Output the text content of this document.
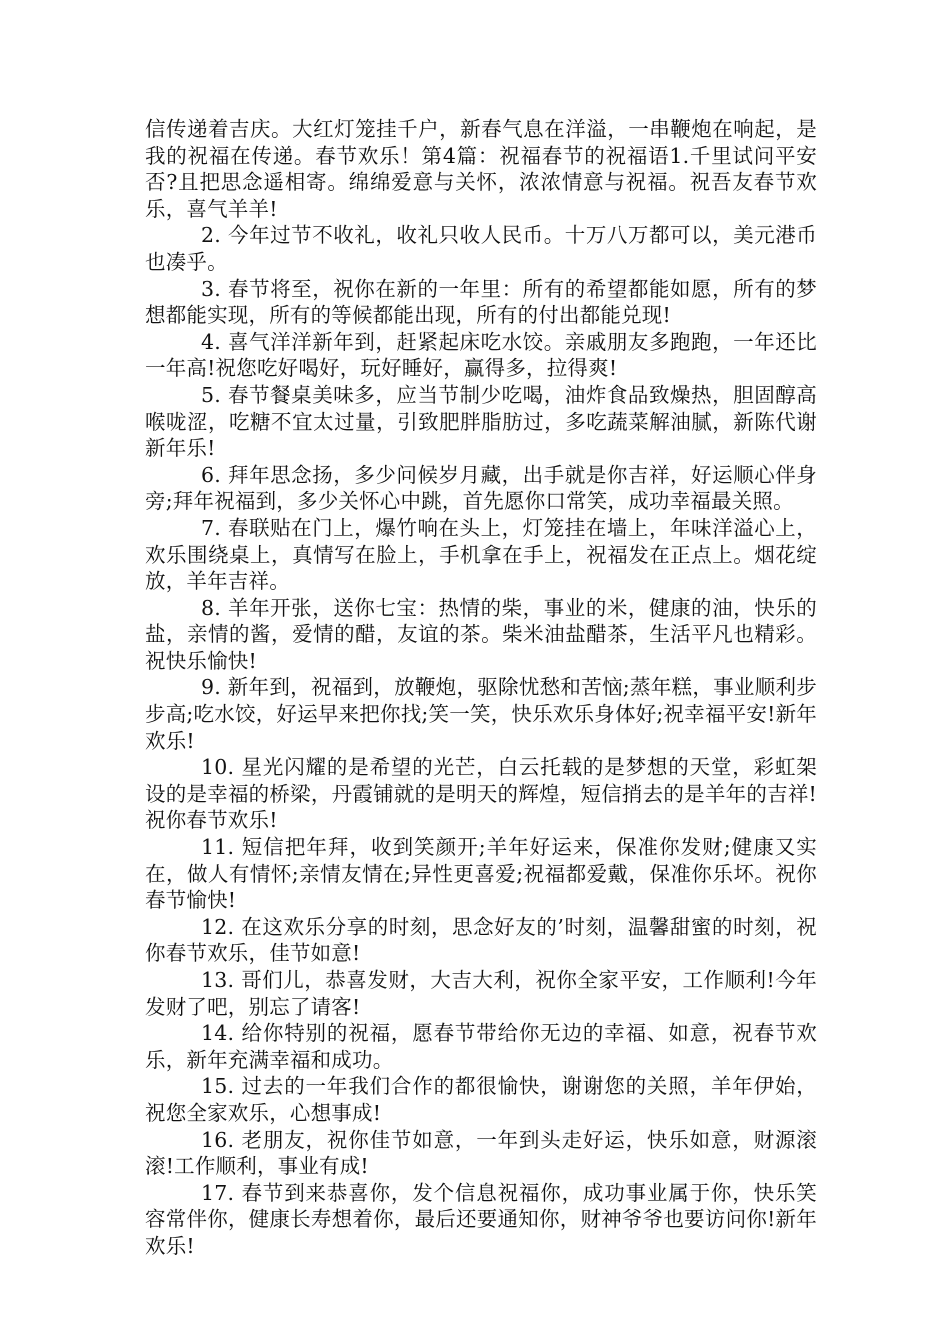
信传递着吉庆。大红灯笼挂千户，新春气息在洋溢，一串鞭炮在响起，是我的祝福在传递。春节欢乐！第4篇：祝福春节的祝福语1.千里试问平安否?且把思念遥相寄。绵绵爱意与关怀，浓浓情意与祝福。祝吾友春节欢乐，喜气羊羊!

2. 今年过节不收礼，收礼只收人民币。十万八万都可以，美元港币也凑乎。

3. 春节将至，祝你在新的一年里：所有的希望都能如愿，所有的梦想都能实现，所有的等候都能出现，所有的付出都能兑现!

4. 喜气洋洋新年到，赶紧起床吃水饺。亲戚朋友多跑跑，一年还比一年高!祝您吃好喝好，玩好睡好，赢得多，拉得爽!

5. 春节餐桌美味多，应当节制少吃喝，油炸食品致燥热，胆固醇高喉咙涩，吃糖不宜太过量，引致肥胖脂肪过，多吃蔬菜解油腻，新陈代谢新年乐!

6. 拜年思念扬，多少问候岁月藏，出手就是你吉祥，好运顺心伴身旁;拜年祝福到，多少关怀心中跳，首先愿你口常笑，成功幸福最关照。

7. 春联贴在门上，爆竹响在头上，灯笼挂在墙上，年味洋溢心上，欢乐围绕桌上，真情写在脸上，手机拿在手上，祝福发在正点上。烟花绽放，羊年吉祥。

8. 羊年开张，送你七宝：热情的柴，事业的米，健康的油，快乐的盐，亲情的酱，爱情的醋，友谊的茶。柴米油盐醋茶，生活平凡也精彩。祝快乐愉快!

9. 新年到，祝福到，放鞭炮，驱除忧愁和苦恼;蒸年糕，事业顺利步步高;吃水饺，好运早来把你找;笑一笑，快乐欢乐身体好;祝幸福平安!新年欢乐!

10. 星光闪耀的是希望的光芒，白云托载的是梦想的天堂，彩虹架设的是幸福的桥梁，丹霞铺就的是明天的辉煌，短信捎去的是羊年的吉祥!祝你春节欢乐!

11. 短信把年拜，收到笑颜开;羊年好运来，保准你发财;健康又实在，做人有情怀;亲情友情在;异性更喜爱;祝福都爱戴，保准你乐坏。祝你春节愉快!

12. 在这欢乐分享的时刻，思念好友的’时刻，温馨甜蜜的时刻，祝你春节欢乐，佳节如意!

13. 哥们儿，恭喜发财，大吉大利，祝你全家平安，工作顺利!今年发财了吧，别忘了请客!

14. 给你特别的祝福，愿春节带给你无边的幸福、如意，祝春节欢乐，新年充满幸福和成功。

15. 过去的一年我们合作的都很愉快，谢谢您的关照，羊年伊始，祝您全家欢乐，心想事成!

16. 老朋友，祝你佳节如意，一年到头走好运，快乐如意，财源滚滚!工作顺利，事业有成!

17. 春节到来恭喜你，发个信息祝福你，成功事业属于你，快乐笑容常伴你，健康长寿想着你，最后还要通知你，财神爷爷也要访问你!新年欢乐!
